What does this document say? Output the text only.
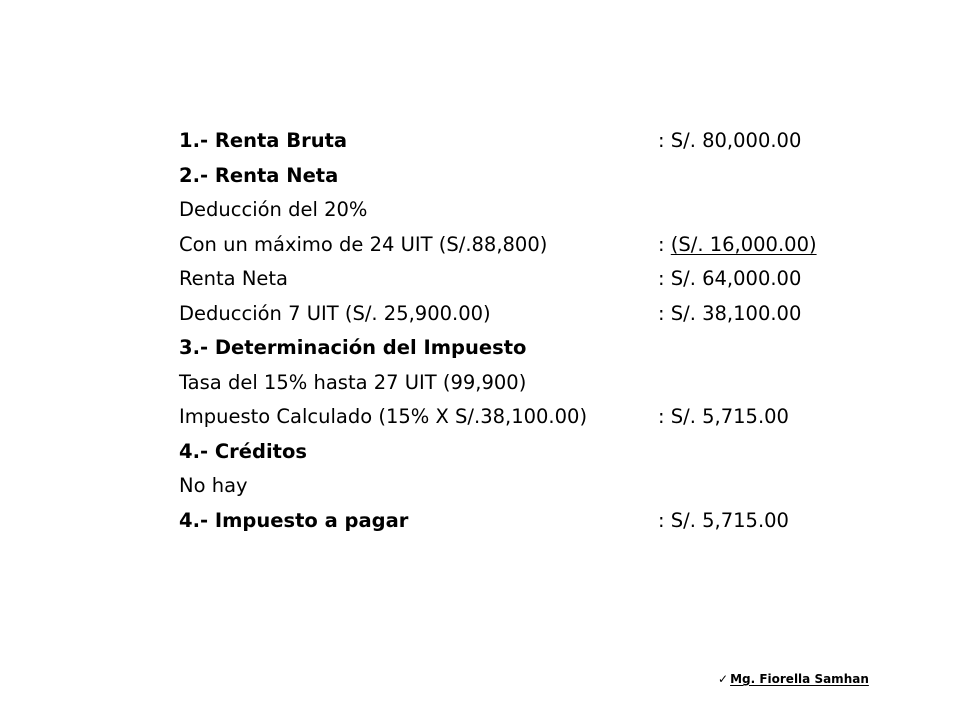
1.- Renta Bruta	: S/. 80,000.00
2.- Renta Neta
Deducción del 20%
Con un máximo de 24 UIT (S/.88,800)	: (S/. 16,000.00)
Renta Neta	: S/. 64,000.00
Deducción 7 UIT (S/. 25,900.00)	: S/. 38,100.00
3.- Determinación del Impuesto
Tasa del 15% hasta 27 UIT (99,900)
Impuesto Calculado (15% X S/.38,100.00)	: S/. 5,715.00
4.- Créditos
No hay
4.- Impuesto a pagar	: S/. 5,715.00
✓ Mg. Fiorella Samhan
